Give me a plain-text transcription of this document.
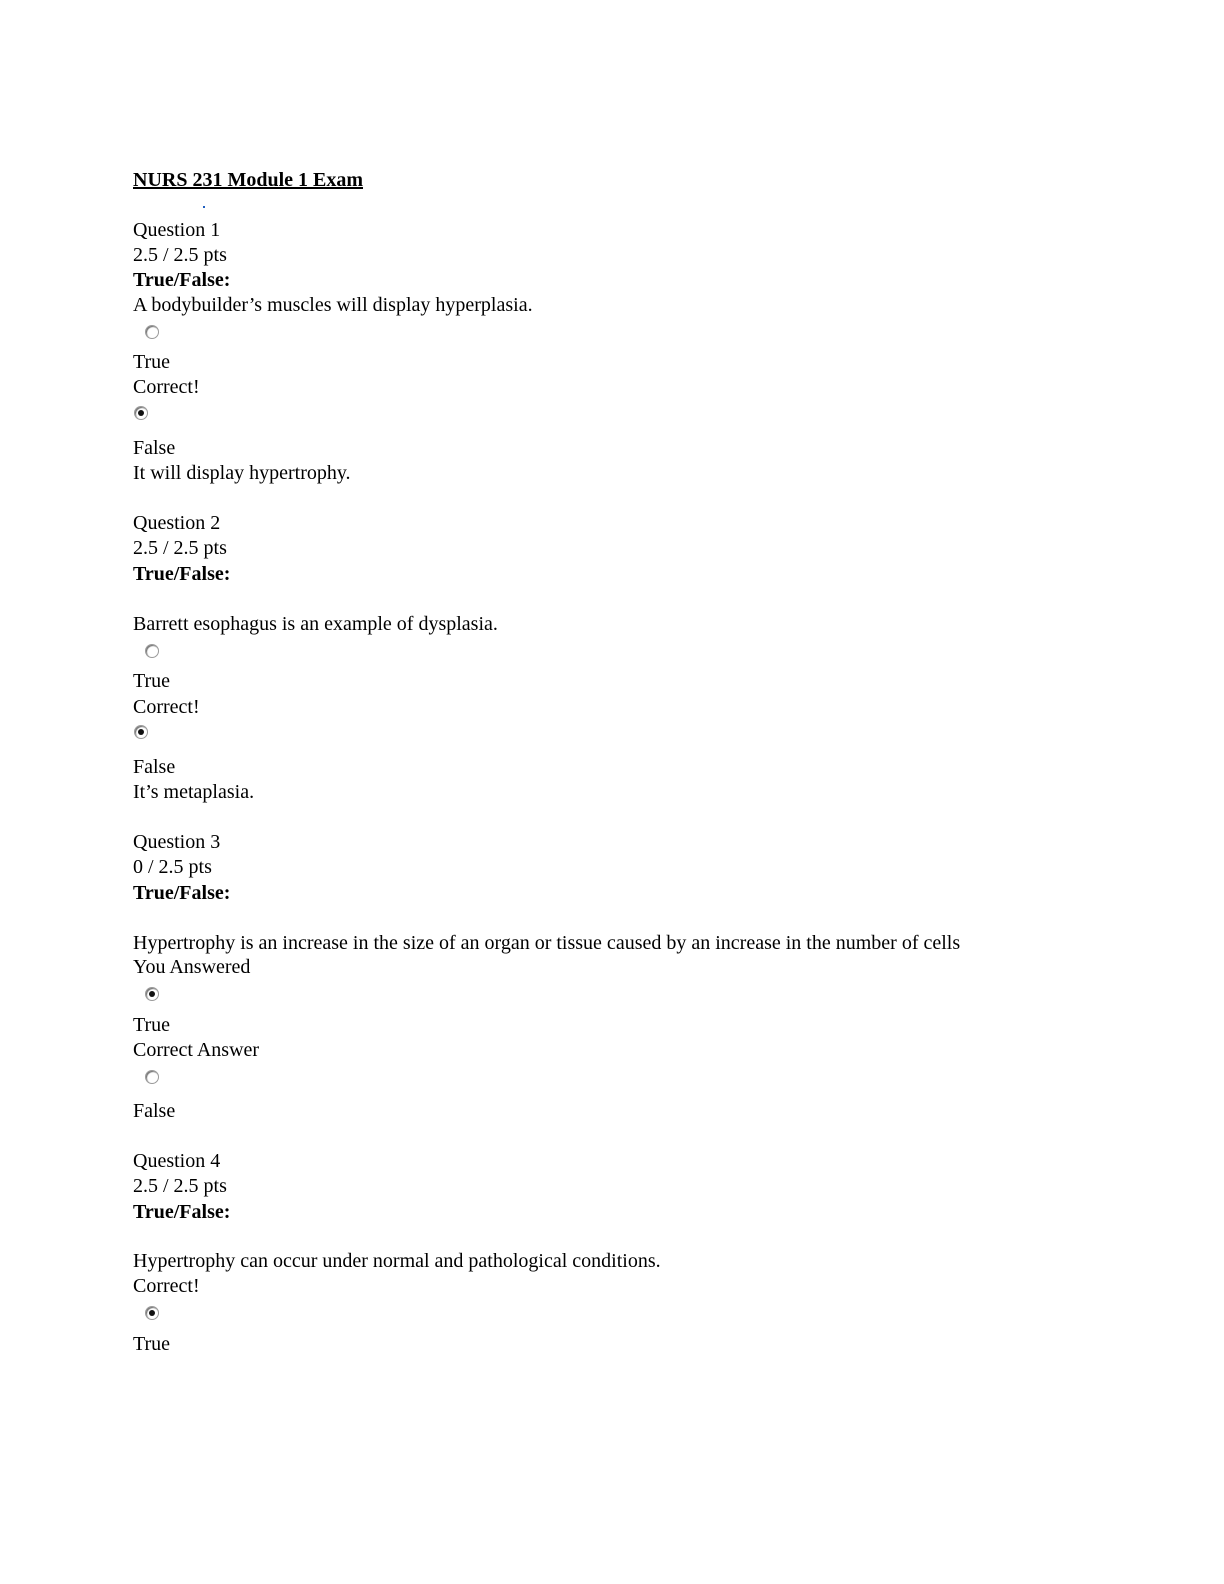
NURS 231 Module 1 Exam
Question 1
2.5 / 2.5 pts
True/False:
A bodybuilder’s muscles will display hyperplasia.
True
Correct!
False
It will display hypertrophy.
Question 2
2.5 / 2.5 pts
True/False:
Barrett esophagus is an example of dysplasia.
True
Correct!
False
It’s metaplasia.
Question 3
0 / 2.5 pts
True/False:
Hypertrophy is an increase in the size of an organ or tissue caused by an increase in the number of cells
You Answered
True
Correct Answer
False
Question 4
2.5 / 2.5 pts
True/False:
Hypertrophy can occur under normal and pathological conditions.
Correct!
True
